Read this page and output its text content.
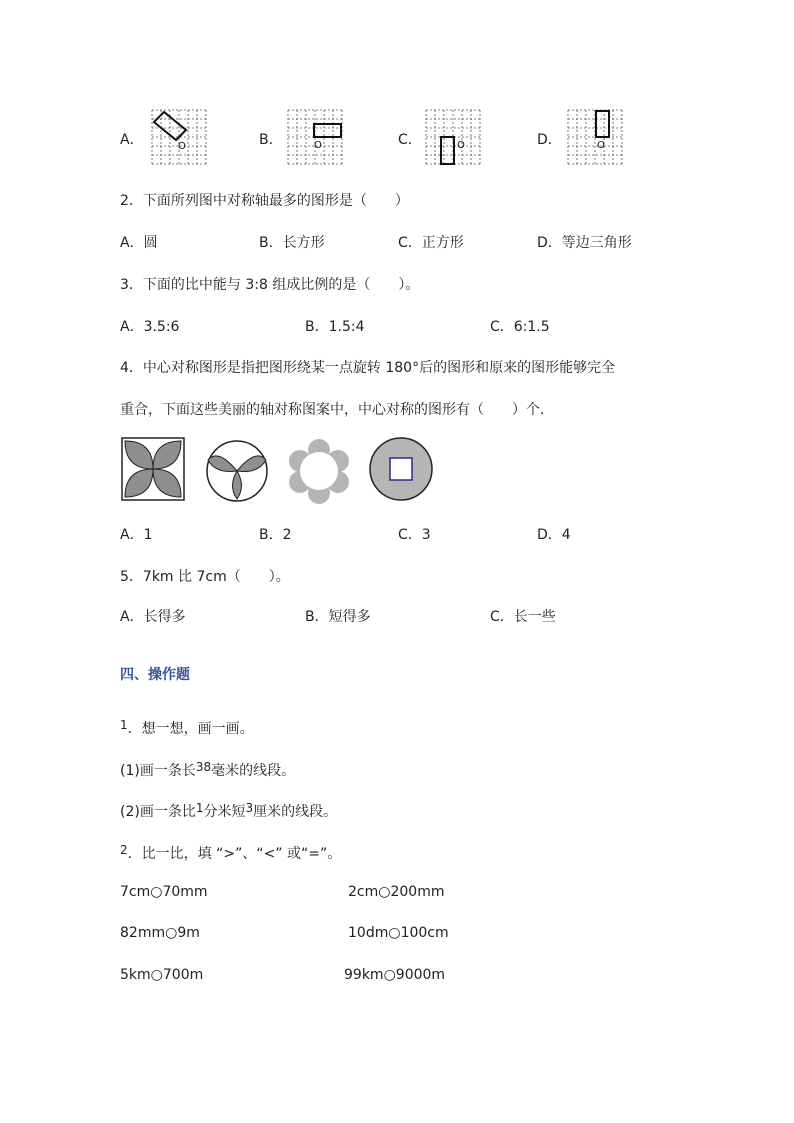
A．	O	B．	O	C．	O	D．	O
2．下面所列图中对称轴最多的图形是（　　）
A．圆	B．长方形	C．正方形	D．等边三角形
3．下面的比中能与 3:8 组成比例的是（　　）。
A．3.5:6	B．1.5:4	C．6:1.5
4．中心对称图形是指把图形绕某一点旋转 180°后的图形和原来的图形能够完全
重合，下面这些美丽的轴对称图案中，中心对称的图形有（　　）个．
A．1	B．2	C．3	D．4
5．7km 比 7cm（　　）。
A．长得多	B．短得多	C．长一些
四、操作题
1．想一想，画一画。
(1)画一条长38毫米的线段。
(2)画一条比1分米短3厘米的线段。
2．比一比，填 “>”、“<” 或“=”。
7cm○70mm	2cm○200mm
82mm○9m	10dm○100cm
5km○700m	99km○9000m
